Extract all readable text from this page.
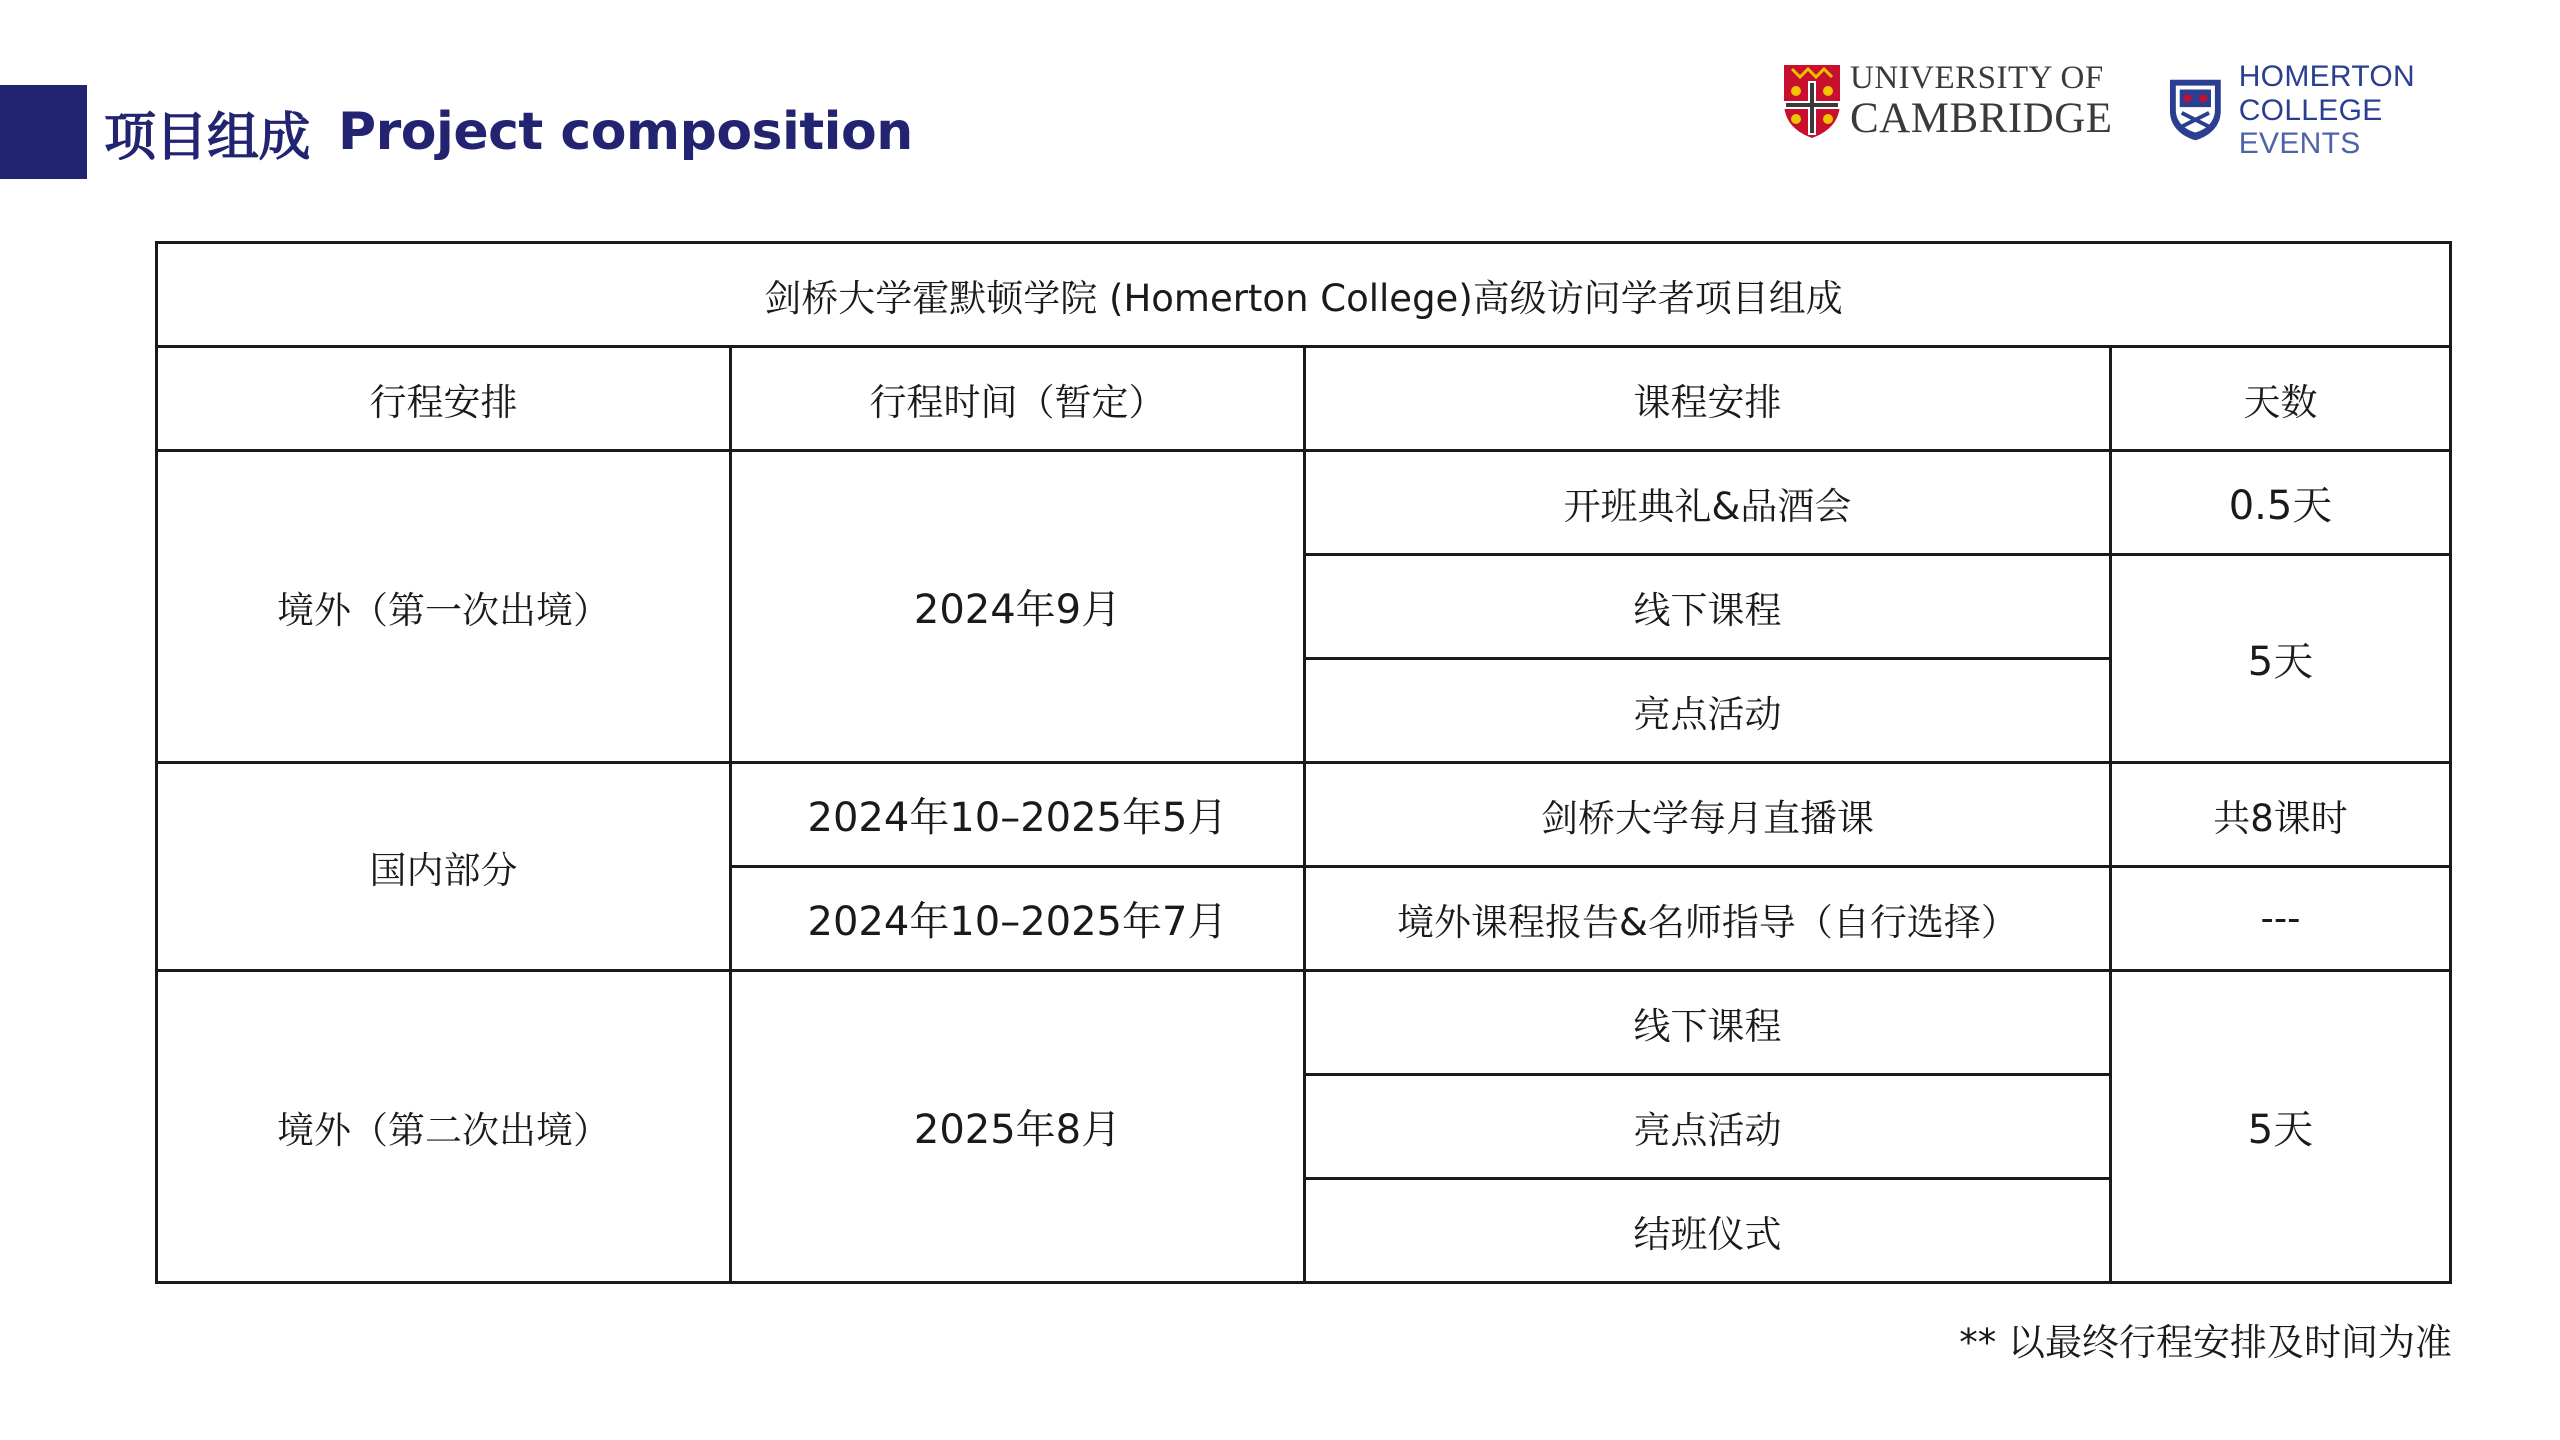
项目组成 Project composition
UNIVERSITY OF
CAMBRIDGE
HOMERTON COLLEGE
EVENTS
剑桥大学霍默顿学院 (Homerton College)高级访问学者项目组成			
行程安排	行程时间（暂定）	课程安排	天数
境外（第一次出境）	2024年9月	开班典礼&品酒会	0.5天
		线下课程	5天
		亮点活动	
国内部分	2024年10–2025年5月	剑桥大学每月直播课	共8课时
	2024年10–2025年7月	境外课程报告&名师指导（自行选择）	---
境外（第二次出境）	2025年8月	线下课程	5天
		亮点活动	
		结班仪式	
** 以最终行程安排及时间为准
